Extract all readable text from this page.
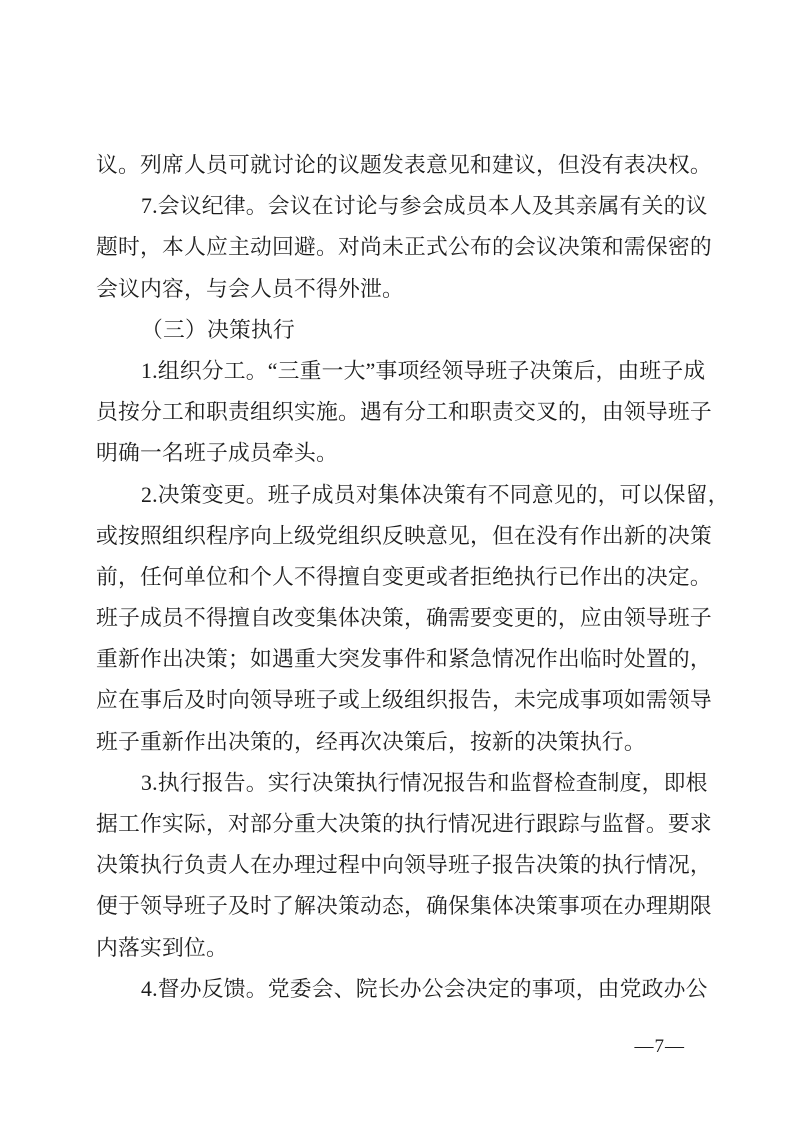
议。列席人员可就讨论的议题发表意见和建议，但没有表决权。
7.会议纪律。会议在讨论与参会成员本人及其亲属有关的议
题时，本人应主动回避。对尚未正式公布的会议决策和需保密的
会议内容，与会人员不得外泄。
（三）决策执行
1.组织分工。“三重一大”事项经领导班子决策后，由班子成
员按分工和职责组织实施。遇有分工和职责交叉的，由领导班子
明确一名班子成员牵头。
2.决策变更。班子成员对集体决策有不同意见的，可以保留，
或按照组织程序向上级党组织反映意见，但在没有作出新的决策
前，任何单位和个人不得擅自变更或者拒绝执行已作出的决定。
班子成员不得擅自改变集体决策，确需要变更的，应由领导班子
重新作出决策；如遇重大突发事件和紧急情况作出临时处置的，
应在事后及时向领导班子或上级组织报告，未完成事项如需领导
班子重新作出决策的，经再次决策后，按新的决策执行。
3.执行报告。实行决策执行情况报告和监督检查制度，即根
据工作实际，对部分重大决策的执行情况进行跟踪与监督。要求
决策执行负责人在办理过程中向领导班子报告决策的执行情况，
便于领导班子及时了解决策动态，确保集体决策事项在办理期限
内落实到位。
4.督办反馈。党委会、院长办公会决定的事项，由党政办公
—7—
